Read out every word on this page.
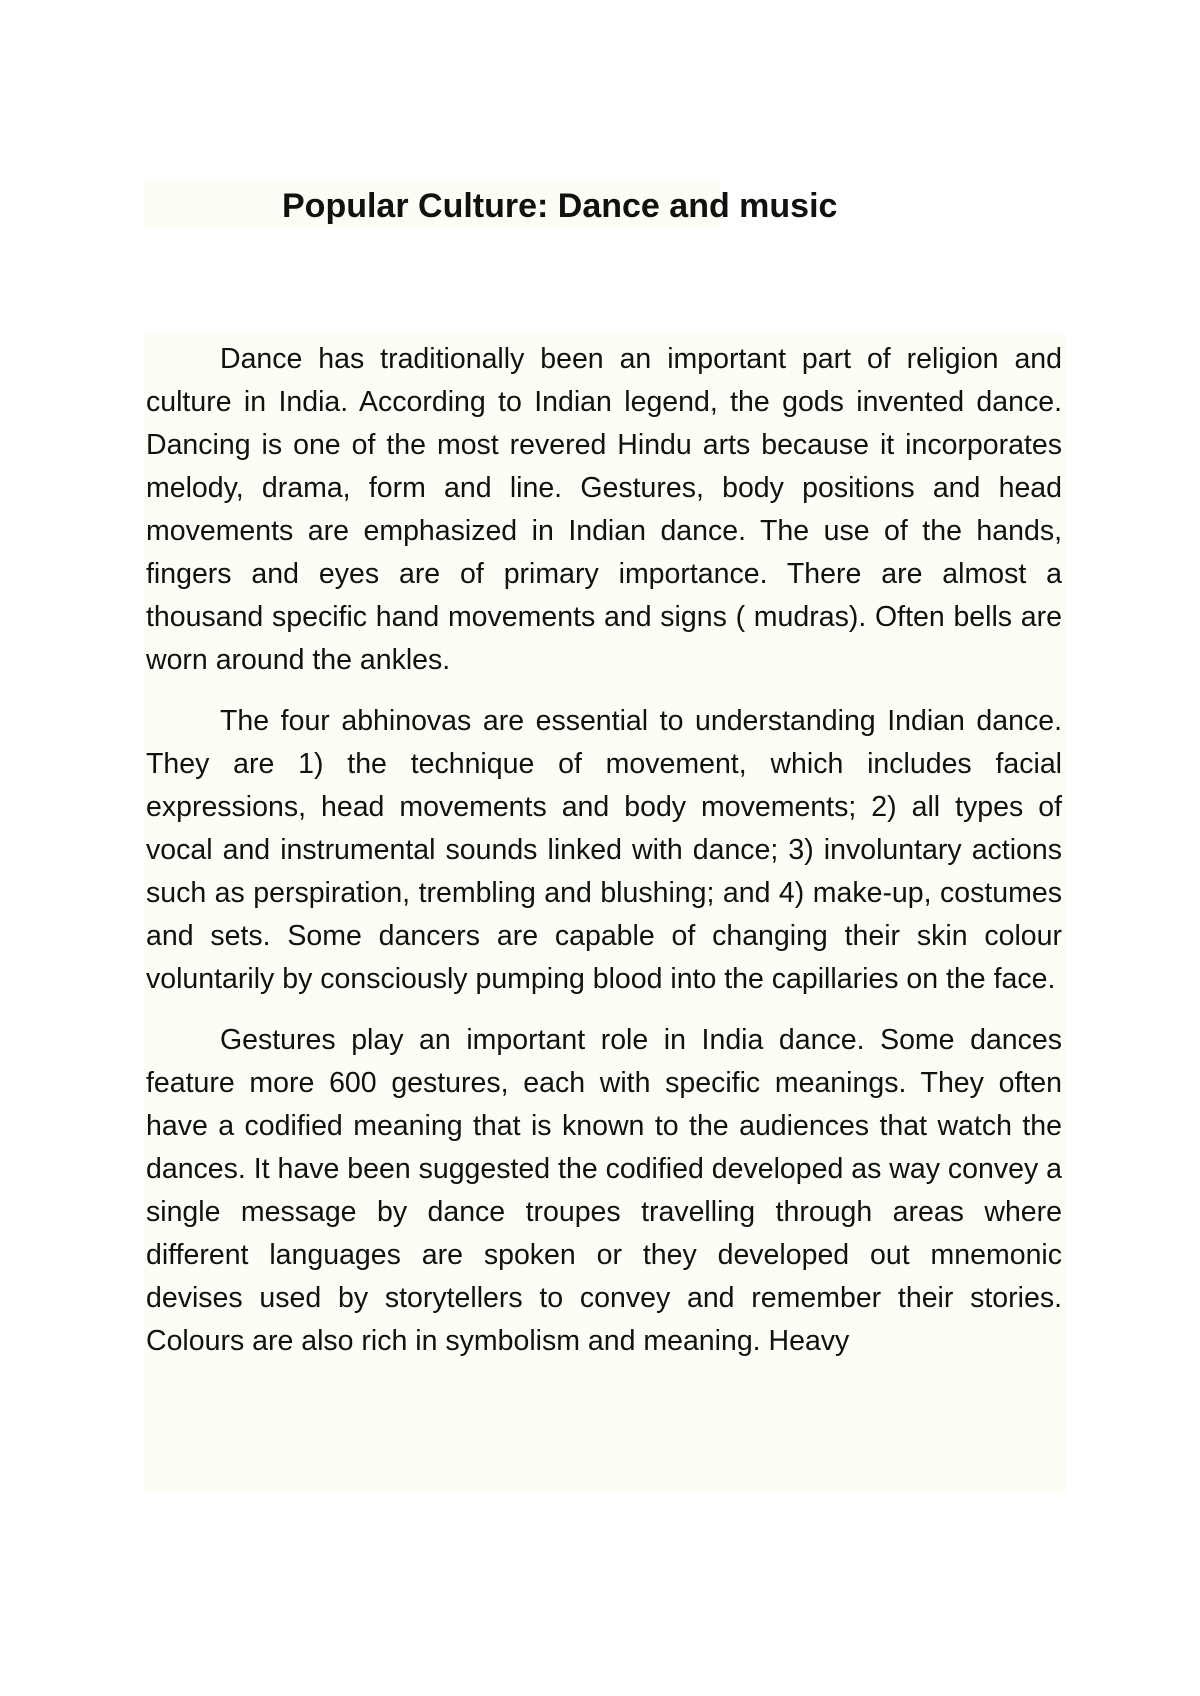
Popular Culture: Dance and music

Dance has traditionally been an important part of religion and culture in India. According to Indian legend, the gods invented dance. Dancing is one of the most revered Hindu arts because it incorporates melody, drama, form and line. Gestures, body positions and head movements are emphasized in Indian dance. The use of the hands, fingers and eyes are of primary importance. There are almost a thousand specific hand movements and signs ( mudras). Often bells are worn around the ankles.

The four abhinovas are essential to understanding Indian dance. They are 1) the technique of movement, which includes facial expressions, head movements and body movements; 2) all types of vocal and instrumental sounds linked with dance; 3) involuntary actions such as perspiration, trembling and blushing; and 4) make-up, costumes and sets. Some dancers are capable of changing their skin colour voluntarily by consciously pumping blood into the capillaries on the face.

Gestures play an important role in India dance. Some dances feature more 600 gestures, each with specific meanings. They often have a codified meaning that is known to the audiences that watch the dances. It have been suggested the codified developed as way convey a single message by dance troupes travelling through areas where different languages are spoken or they developed out mnemonic devises used by storytellers to convey and remember their stories. Colours are also rich in symbolism and meaning. Heavy
